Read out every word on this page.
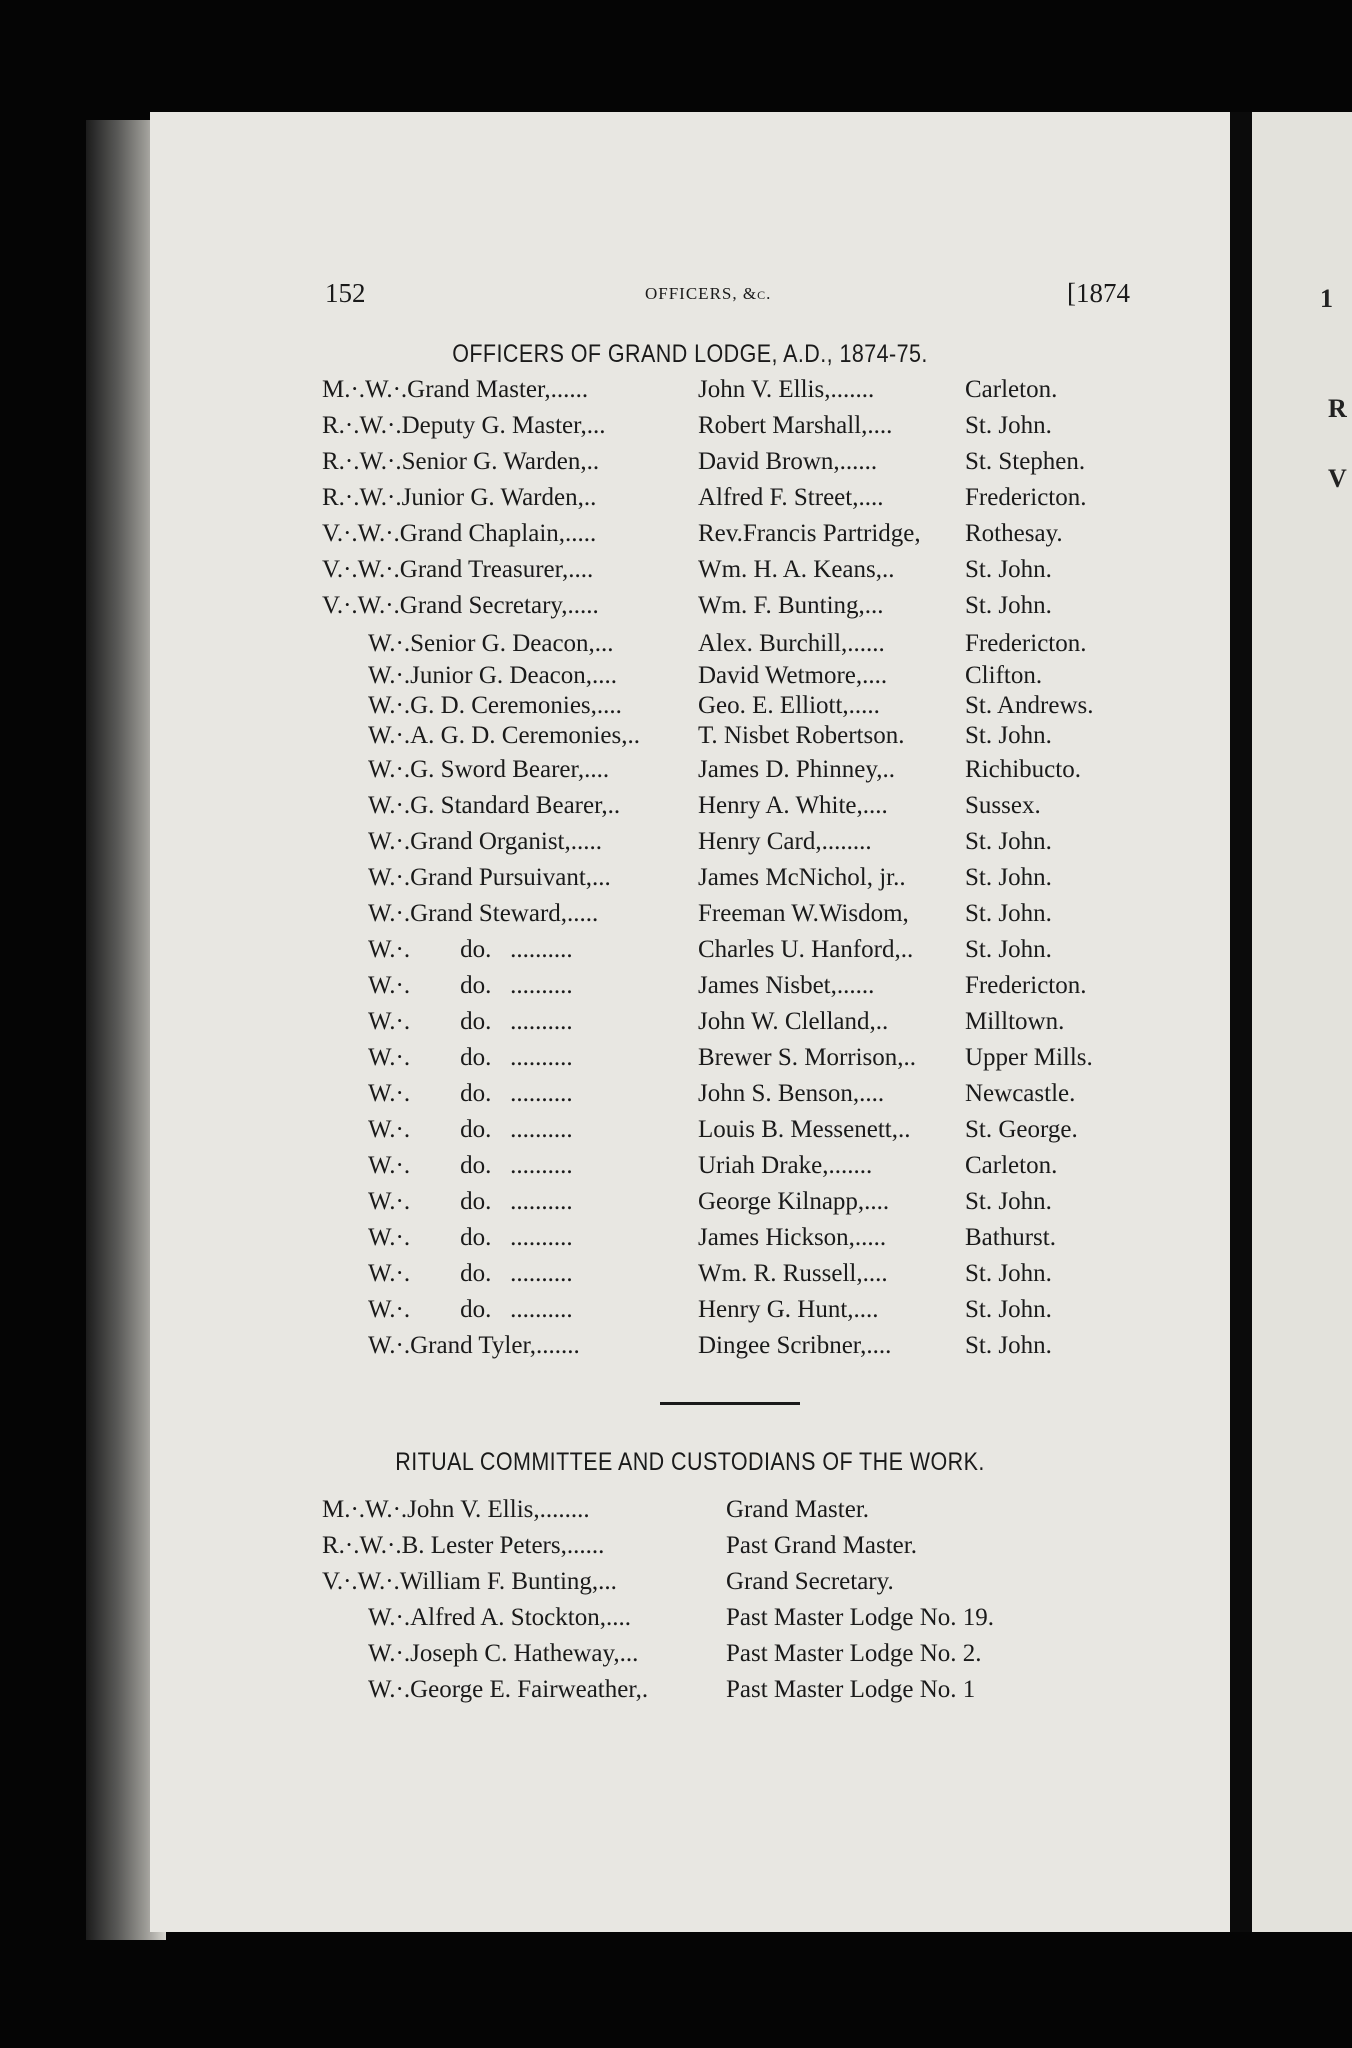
1
R
V
152	OFFICERS, &c.	[1874
OFFICERS OF GRAND LODGE, A.D., 1874-75.
M.·.W.·.Grand Master,......	John V. Ellis,.......	Carleton.
R.·.W.·.Deputy G. Master,...	Robert Marshall,....	St. John.
R.·.W.·.Senior G. Warden,..	David Brown,......	St. Stephen.
R.·.W.·.Junior G. Warden,..	Alfred F. Street,....	Fredericton.
V.·.W.·.Grand Chaplain,.....	Rev.Francis Partridge, Rothesay.
V.·.W.·.Grand Treasurer,....	Wm. H. A. Keans,..	St. John.
V.·.W.·.Grand Secretary,.....	Wm. F. Bunting,...	St. John.
W.·.Senior G. Deacon,...	Alex. Burchill,......	Fredericton.
W.·.Junior G. Deacon,....	David Wetmore,....	Clifton.
W.·.G. D. Ceremonies,....	Geo. E. Elliott,.....	St. Andrews.
W.·.A. G. D. Ceremonies,.. T. Nisbet Robertson. St. John.
W.·.G. Sword Bearer,....	James D. Phinney,..	Richibucto.
W.·.G. Standard Bearer,..	Henry A. White,....	Sussex.
W.·.Grand Organist,.....	Henry Card,........	St. John.
W.·.Grand Pursuivant,...	James McNichol, jr.. St. John.
W.·.Grand Steward,.....	Freeman W.Wisdom, St. John.
W.·.        do.   ..........	Charles U. Hanford,.. St. John.
W.·.        do.   ..........	James Nisbet,......	Fredericton.
W.·.        do.   ..........	John W. Clelland,..	Milltown.
W.·.        do.   ..........	Brewer S. Morrison,.. Upper Mills.
W.·.        do.   ..........	John S. Benson,....	Newcastle.
W.·.        do.   ..........	Louis B. Messenett,.. St. George.
W.·.        do.   ..........	Uriah Drake,.......	Carleton.
W.·.        do.   ..........	George Kilnapp,....	St. John.
W.·.        do.   ..........	James Hickson,.....	Bathurst.
W.·.        do.   ..........	Wm. R. Russell,....	St. John.
W.·.        do.   ..........	Henry G. Hunt,....	St. John.
W.·.Grand Tyler,.......	Dingee Scribner,....	St. John.
RITUAL COMMITTEE AND CUSTODIANS OF THE WORK.
M.·.W.·.John V. Ellis,........	Grand Master.
R.·.W.·.B. Lester Peters,......	Past Grand Master.
V.·.W.·.William F. Bunting,...	Grand Secretary.
W.·.Alfred A. Stockton,....	Past Master Lodge No. 19.
W.·.Joseph C. Hatheway,...	Past Master Lodge No. 2.
W.·.George E. Fairweather,.	Past Master Lodge No. 1
